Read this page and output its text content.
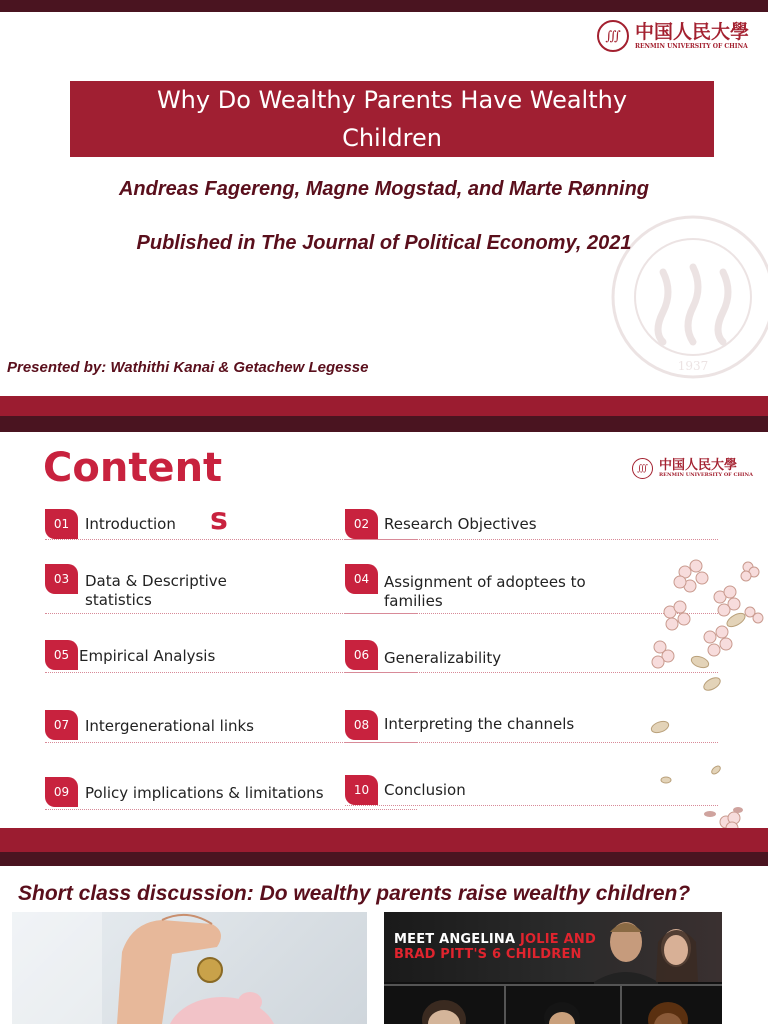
∭ 中国人民大學
RENMIN UNIVERSITY OF CHINA
1937
Why Do Wealthy Parents Have Wealthy
Children
Andreas Fagereng, Magne Mogstad, and Marte Rønning
Published in The Journal of Political Economy, 2021
Presented by: Wathithi Kanai & Getachew Legesse
Content
s
∭ 中国人民大學
RENMIN UNIVERSITY OF CHINA
01	Introduction	02 Research Objectives
03	Data & Descriptive statistics
04 Assignment of adoptees to families
05 Empirical Analysis	06 Generalizability
07	Intergenerational links	08 Interpreting the channels
09	Policy implications & limitations	10 Conclusion
Short class discussion: Do wealthy parents raise wealthy children?
MEET ANGELINA JOLIE AND
BRAD PITT'S 6 CHILDREN
